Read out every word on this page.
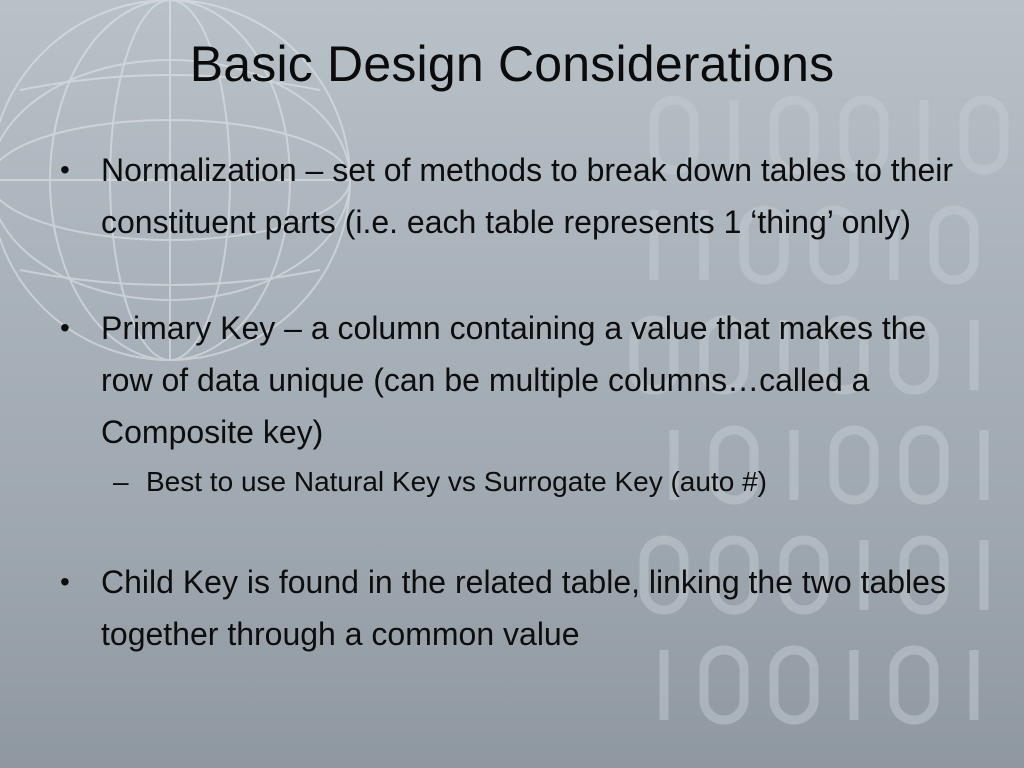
Basic Design Considerations
• Normalization – set of methods to break down tables to their constituent parts (i.e. each table represents 1 ‘thing’ only)
• Primary Key – a column containing a value that makes the row of data unique (can be multiple columns…called a Composite key)
– Best to use Natural Key vs Surrogate Key (auto #)
• Child Key is found in the related table, linking the two tables together through a common value
